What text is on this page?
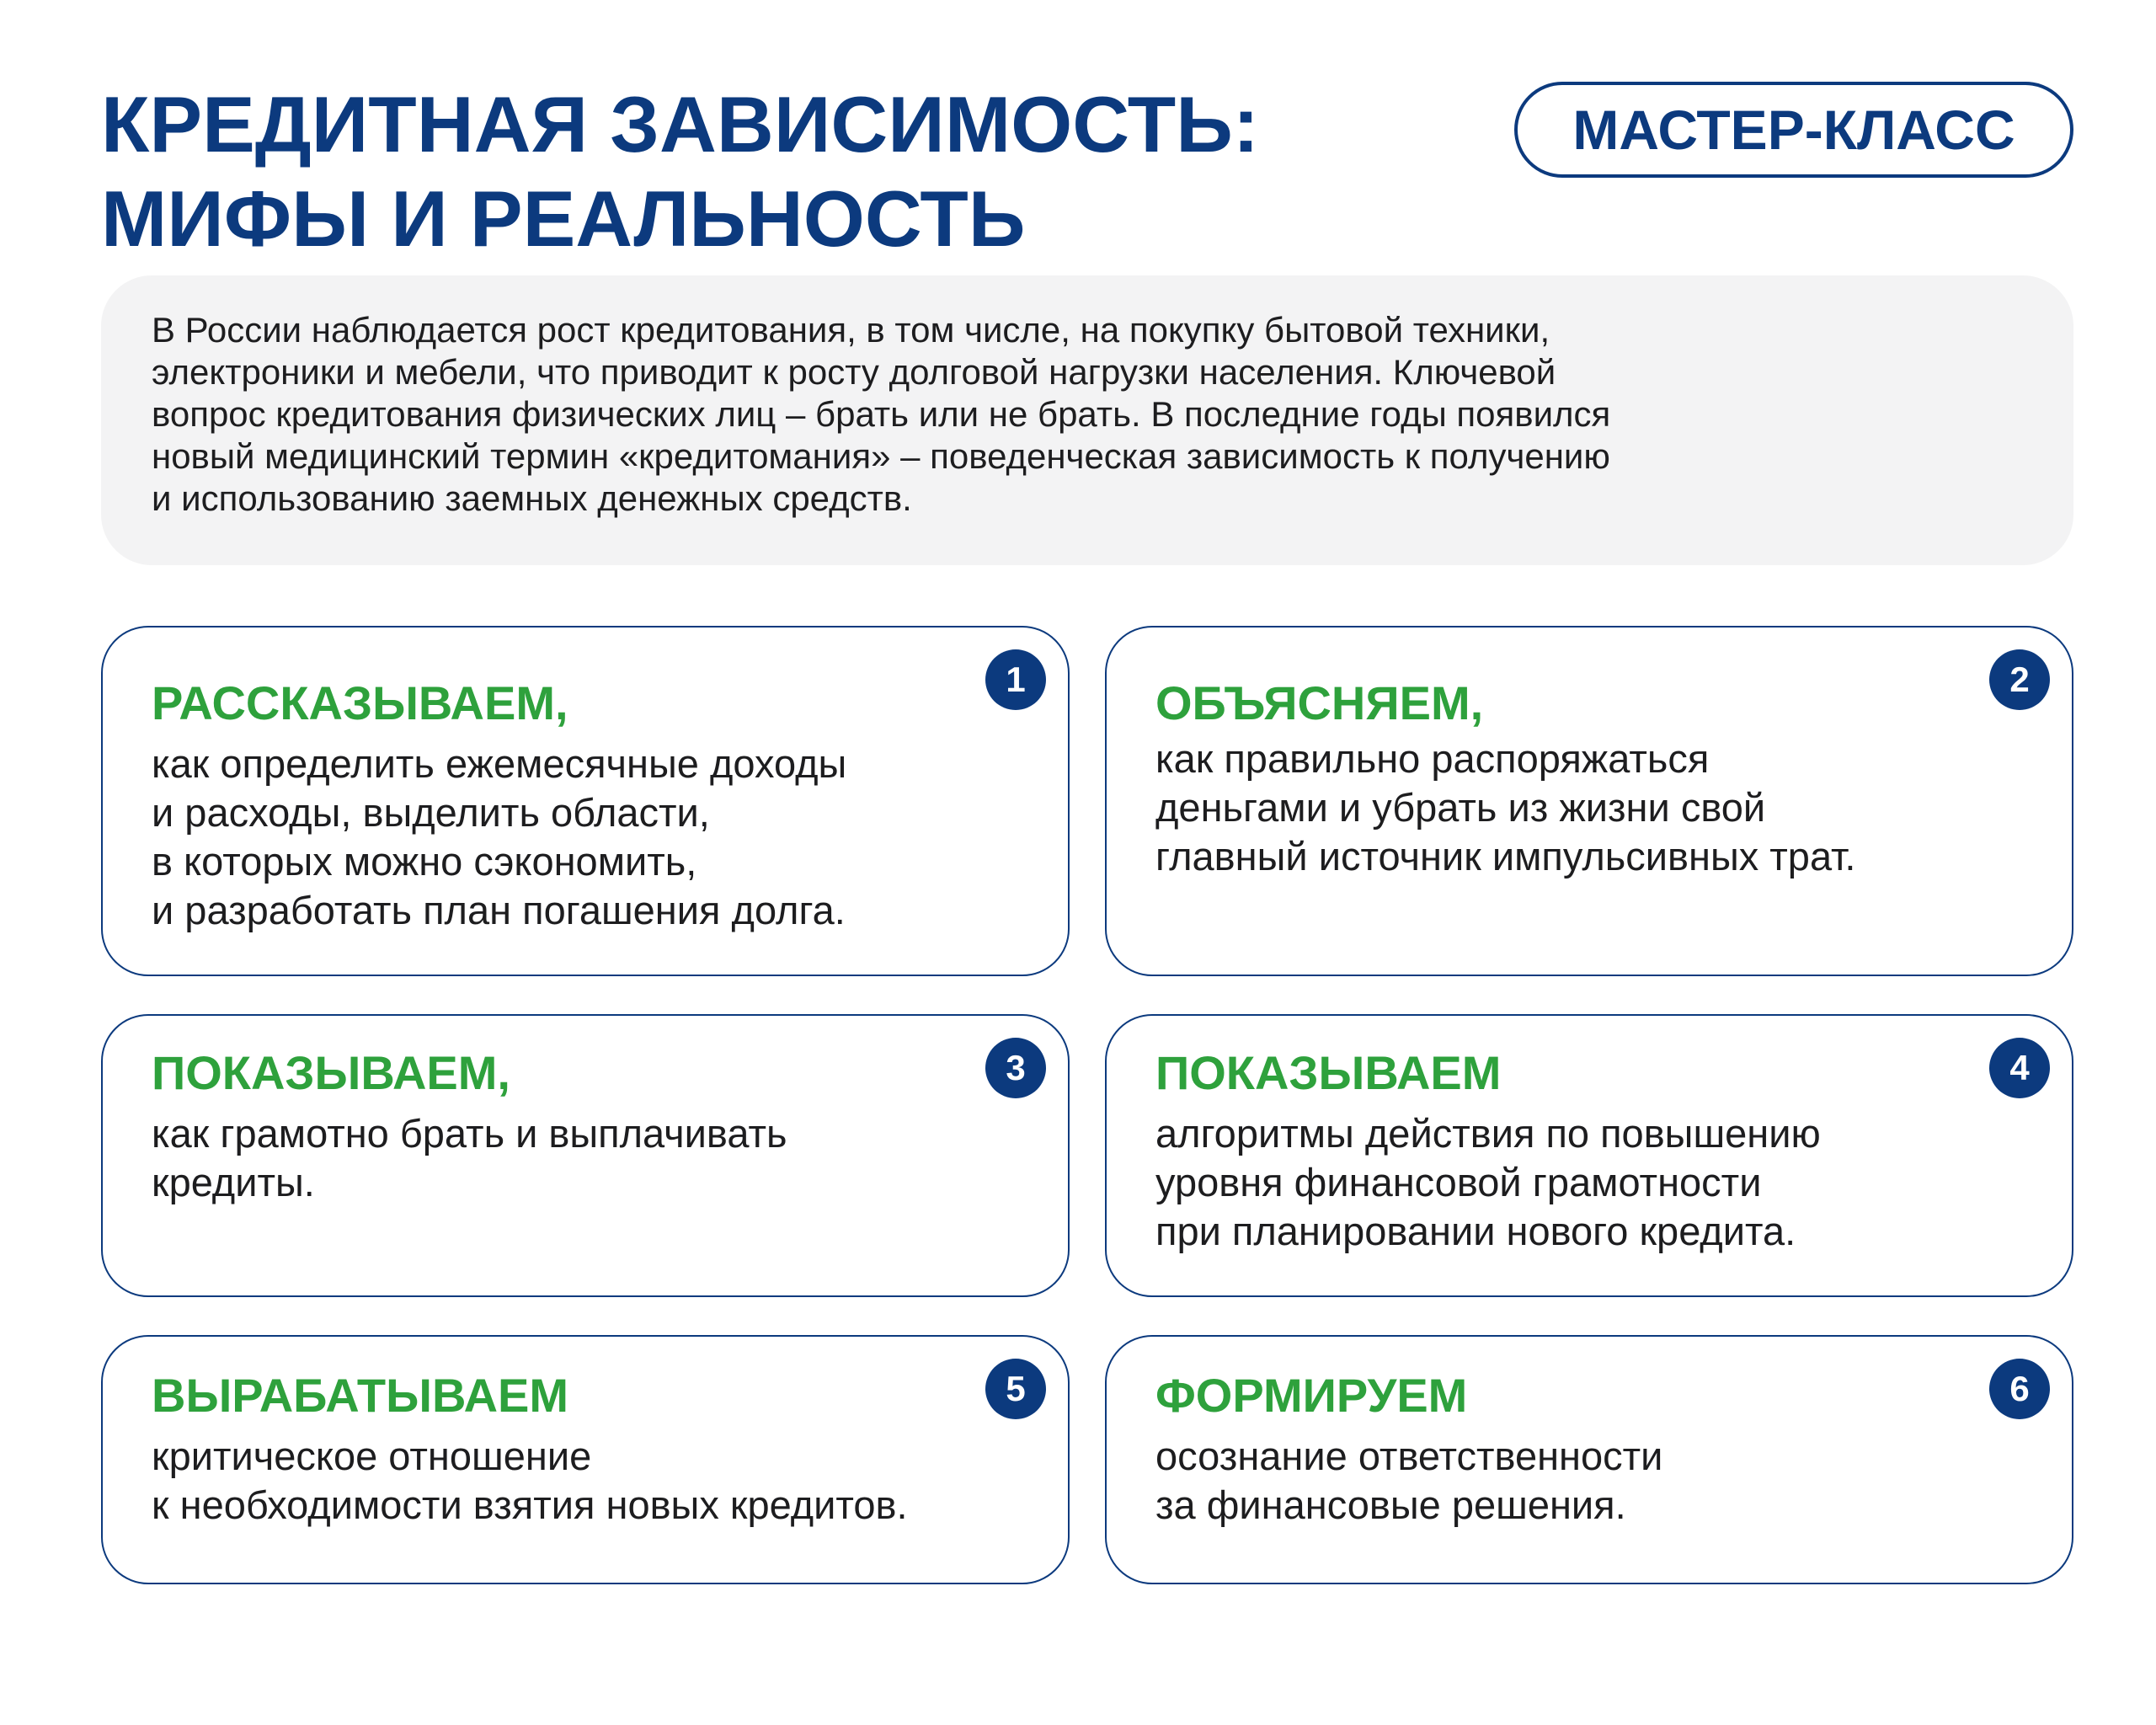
КРЕДИТНАЯ ЗАВИСИМОСТЬ:
МИФЫ И РЕАЛЬНОСТЬ
МАСТЕР-КЛАСС
В России наблюдается рост кредитования, в том числе, на покупку бытовой техники,
электроники и мебели, что приводит к росту долговой нагрузки населения. Ключевой
вопрос кредитования физических лиц – брать или не брать. В последние годы появился
новый медицинский термин «кредитомания» – поведенческая зависимость к получению
и использованию заемных денежных средств.
1
РАССКАЗЫВАЕМ,
как определить ежемесячные доходы
и расходы, выделить области,
в которых можно сэкономить,
и разработать план погашения долга.
2
ОБЪЯСНЯЕМ,
как правильно распоряжаться
деньгами и убрать из жизни свой
главный источник импульсивных трат.
3
ПОКАЗЫВАЕМ,
как грамотно брать и выплачивать
кредиты.
4
ПОКАЗЫВАЕМ
алгоритмы действия по повышению
уровня финансовой грамотности
при планировании нового кредита.
5
ВЫРАБАТЫВАЕМ
критическое отношение
к необходимости взятия новых кредитов.
6
ФОРМИРУЕМ
осознание ответственности
за финансовые решения.
